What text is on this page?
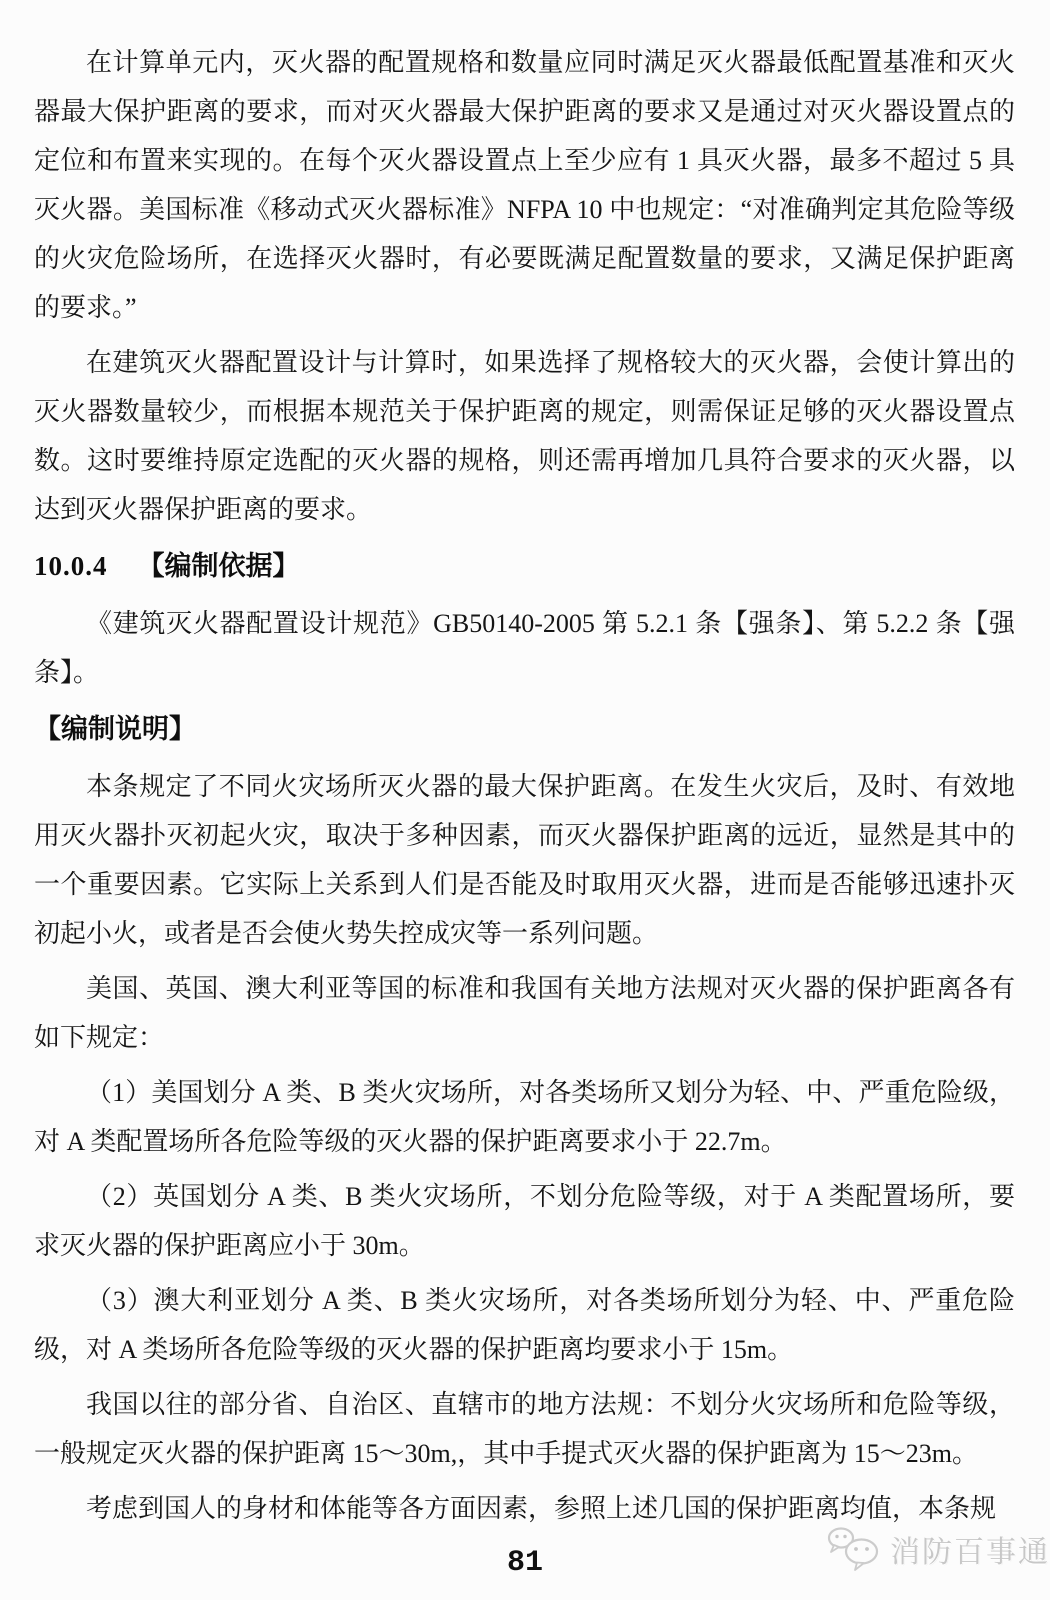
在计算单元内，灭火器的配置规格和数量应同时满足灭火器最低配置基准和灭火器最大保护距离的要求，而对灭火器最大保护距离的要求又是通过对灭火器设置点的定位和布置来实现的。在每个灭火器设置点上至少应有 1 具灭火器，最多不超过 5 具灭火器。美国标准《移动式灭火器标准》NFPA 10 中也规定：“对准确判定其危险等级的火灾危险场所，在选择灭火器时，有必要既满足配置数量的要求，又满足保护距离的要求。”

在建筑灭火器配置设计与计算时，如果选择了规格较大的灭火器，会使计算出的灭火器数量较少，而根据本规范关于保护距离的规定，则需保证足够的灭火器设置点数。这时要维持原定选配的灭火器的规格，则还需再增加几具符合要求的灭火器，以达到灭火器保护距离的要求。

10.0.4 【编制依据】

《建筑灭火器配置设计规范》GB50140-2005 第 5.2.1 条【强条】、第 5.2.2 条【强条】。

【编制说明】

本条规定了不同火灾场所灭火器的最大保护距离。在发生火灾后，及时、有效地用灭火器扑灭初起火灾，取决于多种因素，而灭火器保护距离的远近，显然是其中的一个重要因素。它实际上关系到人们是否能及时取用灭火器，进而是否能够迅速扑灭初起小火，或者是否会使火势失控成灾等一系列问题。

美国、英国、澳大利亚等国的标准和我国有关地方法规对灭火器的保护距离各有如下规定：

（1）美国划分 A 类、B 类火灾场所，对各类场所又划分为轻、中、严重危险级，对 A 类配置场所各危险等级的灭火器的保护距离要求小于 22.7m。

（2）英国划分 A 类、B 类火灾场所，不划分危险等级，对于 A 类配置场所，要求灭火器的保护距离应小于 30m。

（3）澳大利亚划分 A 类、B 类火灾场所，对各类场所划分为轻、中、严重危险级，对 A 类场所各危险等级的灭火器的保护距离均要求小于 15m。

我国以往的部分省、自治区、直辖市的地方法规：不划分火灾场所和危险等级，一般规定灭火器的保护距离 15～30m,，其中手提式灭火器的保护距离为 15～23m。

考虑到国人的身材和体能等各方面因素，参照上述几国的保护距离均值，本条规

消防百事通
81
